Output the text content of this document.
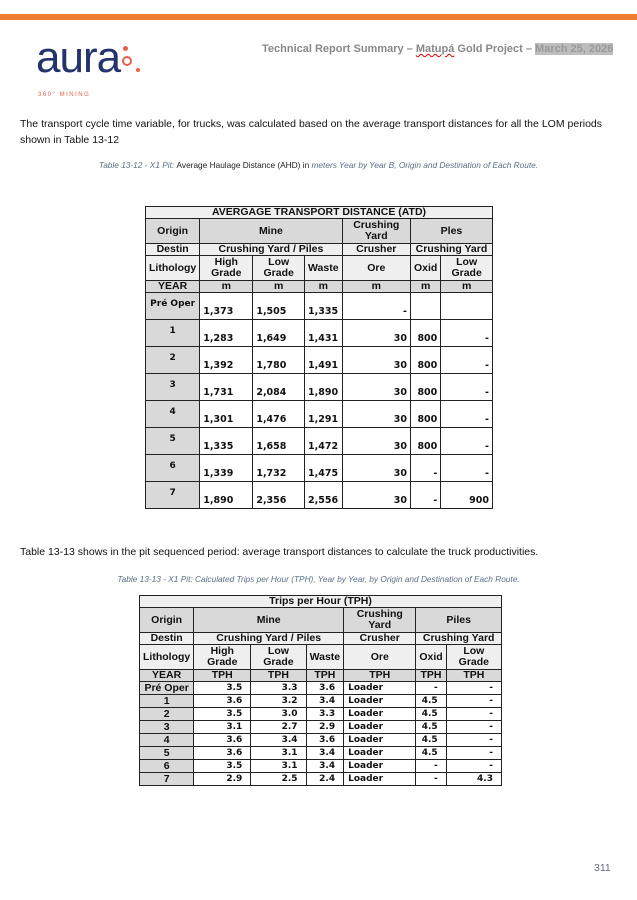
aura
360° MINING
Technical Report Summary – Matupá Gold Project – March 25, 2026

The transport cycle time variable, for trucks, was calculated based on the average transport distances for all the LOM periods shown in Table 13-12

Table 13-12 - X1 Pit: Average Haulage Distance (AHD) in meters Year by Year B, Origin and Destination of Each Route.
AVERGAGE TRANSPORT DISTANCE (ATD)						
Origin	Mine			Crushing Yard	Ples	
Destin	Crushing Yard / Piles			Crusher	Crushing Yard	
Lithology	High Grade	Low Grade	Waste	Ore	Oxid	Low Grade
YEAR	m	m	m	m	m	m
Pré Oper	1,373	1,505	1,335	-		
1	1,283	1,649	1,431	30	800	-
2	1,392	1,780	1,491	30	800	-
3	1,731	2,084	1,890	30	800	-
4	1,301	1,476	1,291	30	800	-
5	1,335	1,658	1,472	30	800	-
6	1,339	1,732	1,475	30	-	-
7	1,890	2,356	2,556	30	-	900

Table 13-13 shows in the pit sequenced period: average transport distances to calculate the truck productivities.

Table 13-13 - X1 Pit: Calculated Trips per Hour (TPH), Year by Year, by Origin and Destination of Each Route.
Trips per Hour (TPH)						
Origin	Mine			Crushing Yard	Piles	
Destin	Crushing Yard / Piles			Crusher	Crushing Yard	
Lithology	High Grade	Low Grade	Waste	Ore	Oxid	Low Grade
YEAR	TPH	TPH	TPH	TPH	TPH	TPH
Pré Oper	3.5	3.3	3.6	Loader	-	-
1	3.6	3.2	3.4	Loader	4.5	-
2	3.5	3.0	3.3	Loader	4.5	-
3	3.1	2.7	2.9	Loader	4.5	-
4	3.6	3.4	3.6	Loader	4.5	-
5	3.6	3.1	3.4	Loader	4.5	-
6	3.5	3.1	3.4	Loader	-	-
7	2.9	2.5	2.4	Loader	-	4.3
311
